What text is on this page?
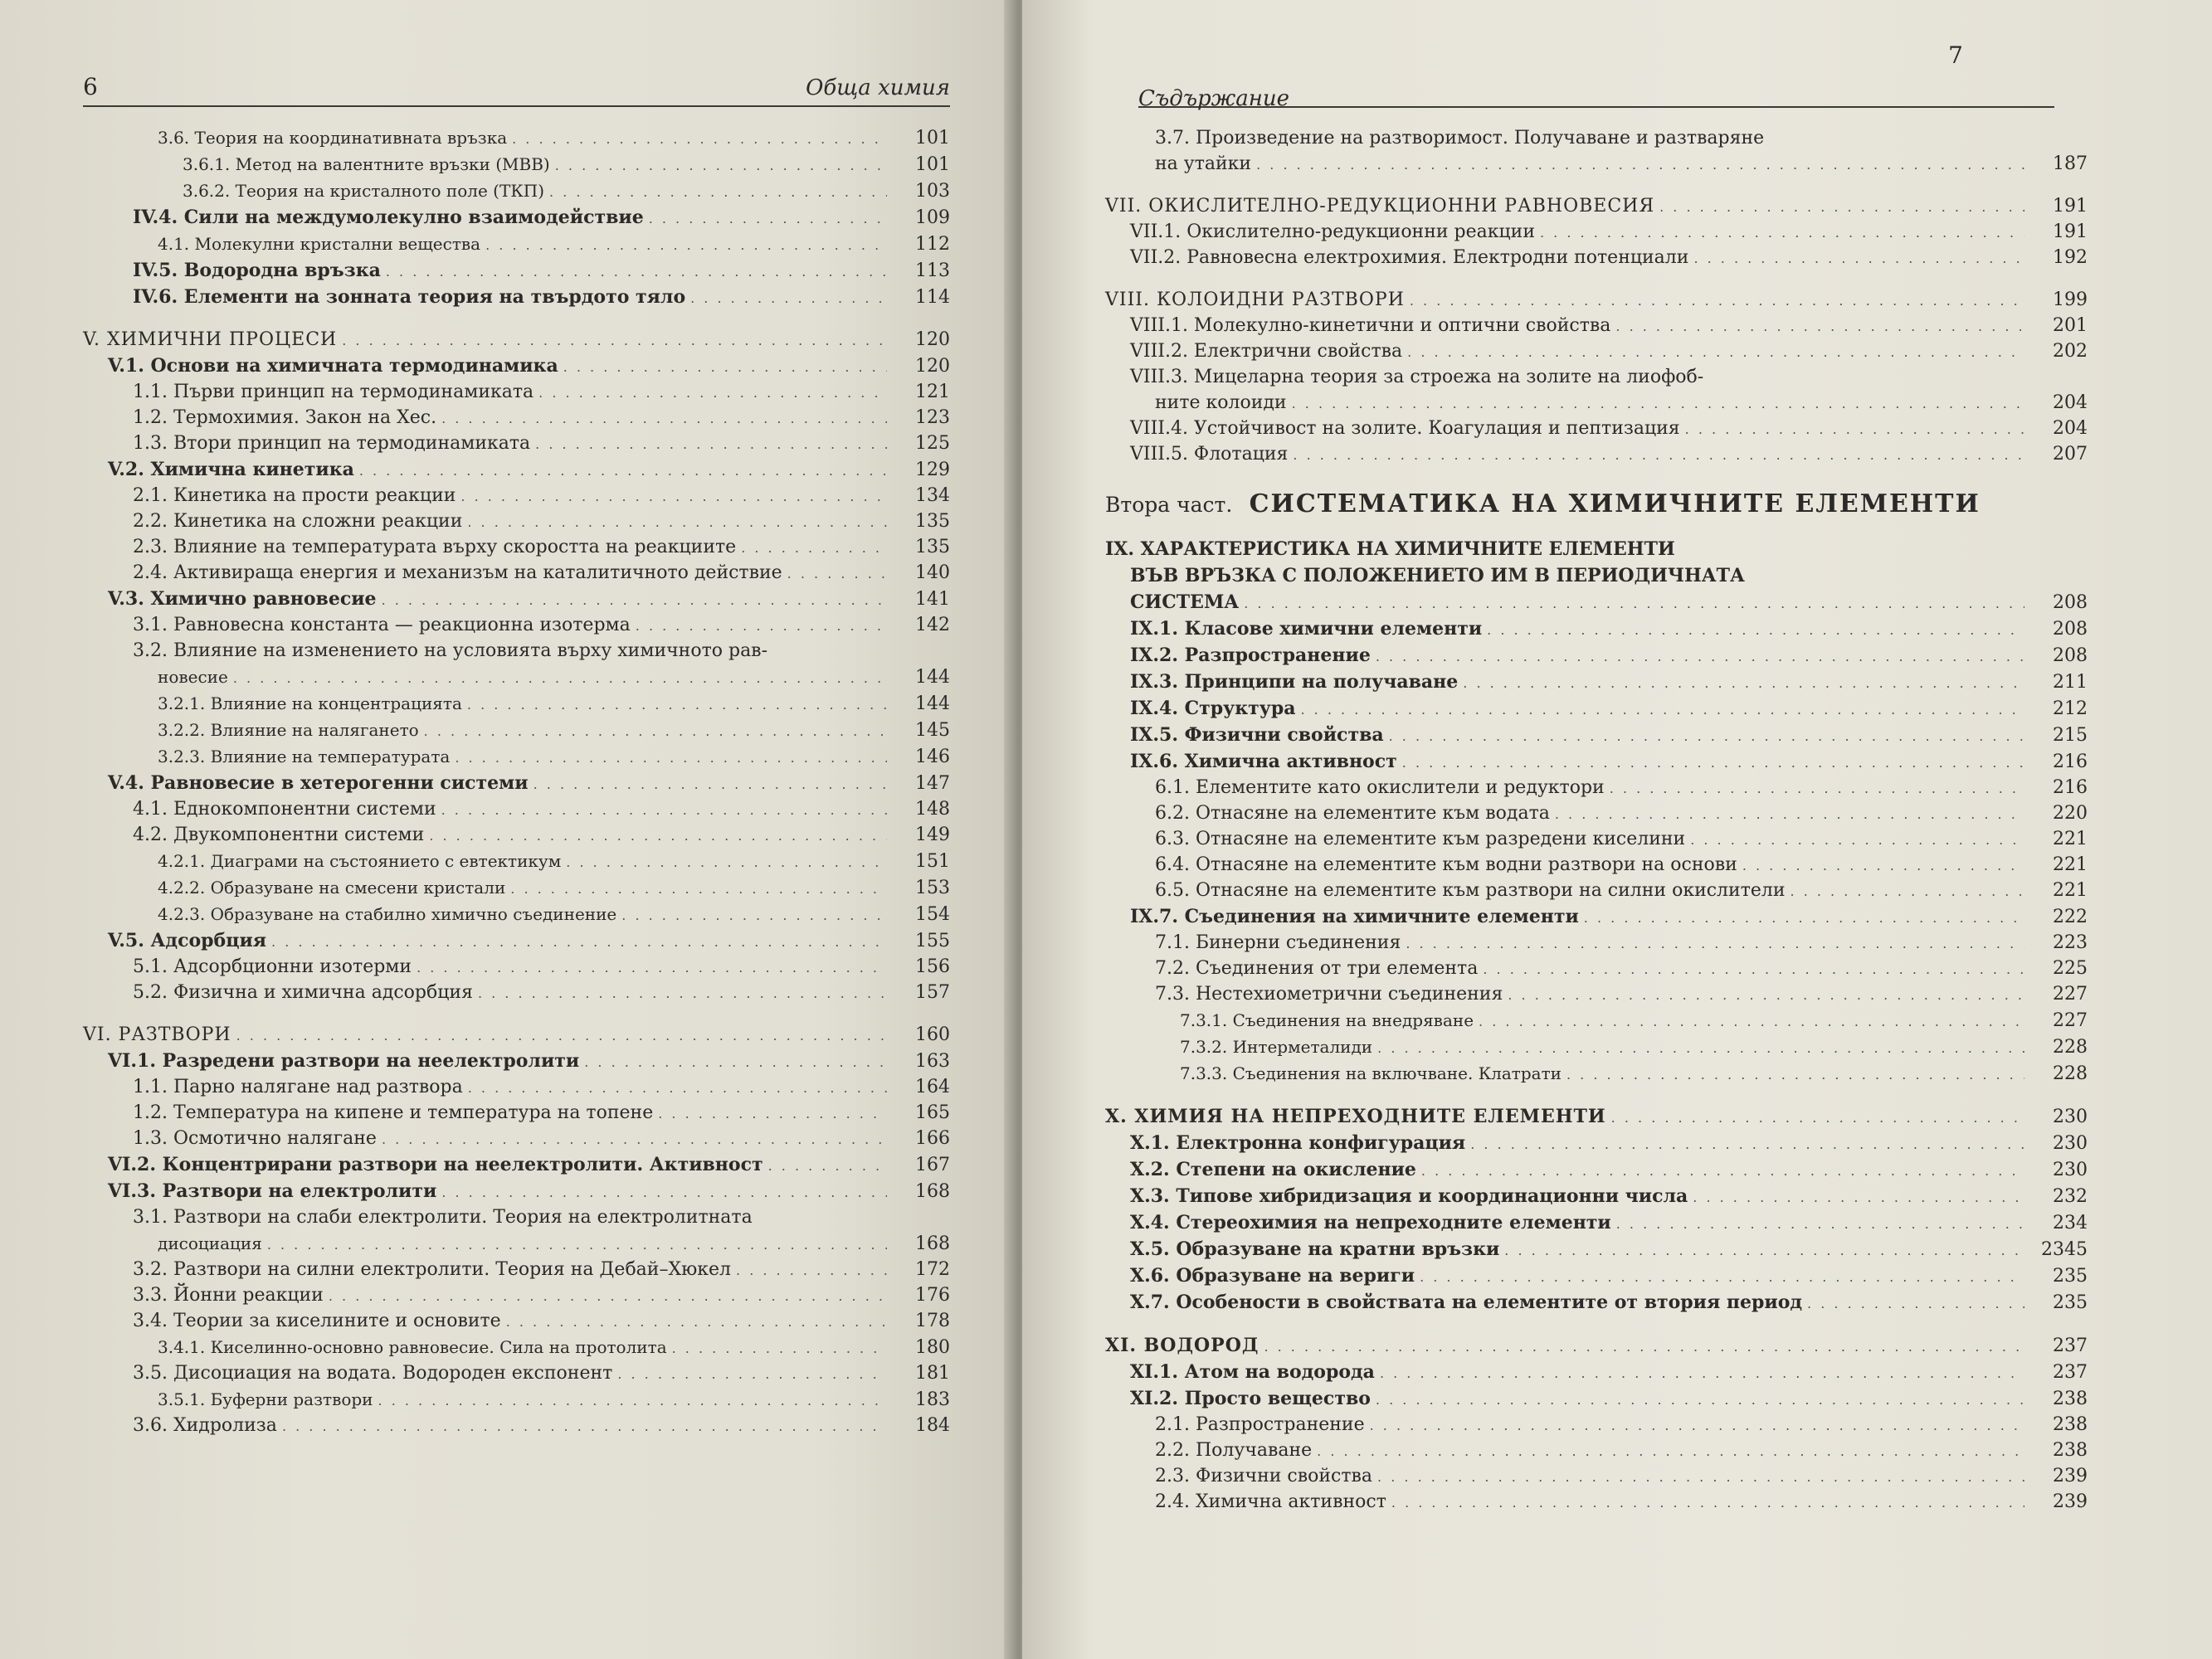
6	Обща химия
3.6. Теория на координативната връзка . . .	101
3.6.1. Метод на валентните връзки (МВВ) . . .	101
3.6.2. Теория на кристалното поле (ТКП) . . .	103
IV.4. Сили на междумолекулно взаимодействие . . .	109
4.1. Молекулни кристални вещества . . .	112
IV.5. Водородна връзка . . .	113
IV.6. Елементи на зонната теория на твърдото тяло . . .	114
V. ХИМИЧНИ ПРОЦЕСИ . . .	120
V.1. Основи на химичната термодинамика . . .	120
1.1. Първи принцип на термодинамиката . . .	121
1.2. Термохимия. Закон на Хес. . . .	123
1.3. Втори принцип на термодинамиката . . .	125
V.2. Химична кинетика . . .	129
2.1. Кинетика на прости реакции . . .	134
2.2. Кинетика на сложни реакции . . .	135
2.3. Влияние на температурата върху скоростта на реакциите . . .	135
2.4. Активираща енергия и механизъм на каталитичното действие . . .	140
V.3. Химично равновесие . . .	141
3.1. Равновесна константа — реакционна изотерма . . .	142
3.2. Влияние на изменението на условията върху химичното рав-
новесие . . .	144
3.2.1. Влияние на концентрацията . . .	144
3.2.2. Влияние на налягането . . .	145
3.2.3. Влияние на температурата . . .	146
V.4. Равновесие в хетерогенни системи . . .	147
4.1. Еднокомпонентни системи . . .	148
4.2. Двукомпонентни системи . . .	149
4.2.1. Диаграми на състоянието с евтектикум . . .	151
4.2.2. Образуване на смесени кристали . . .	153
4.2.3. Образуване на стабилно химично съединение . . .	154
V.5. Адсорбция . . .	155
5.1. Адсорбционни изотерми . . .	156
5.2. Физична и химична адсорбция . . .	157
VI. РАЗТВОРИ . . .	160
VI.1. Разредени разтвори на неелектролити . . .	163
1.1. Парно налягане над разтвора . . .	164
1.2. Температура на кипене и температура на топене . . .	165
1.3. Осмотично налягане . . .	166
VI.2. Концентрирани разтвори на неелектролити. Активност . . .	167
VI.3. Разтвори на електролити . . .	168
3.1. Разтвори на слаби електролити. Теория на електролитната
дисоциация . . .	168
3.2. Разтвори на силни електролити. Теория на Дебай–Хюкел . . .	172
3.3. Йонни реакции . . .	176
3.4. Теории за киселините и основите . . .	178
3.4.1. Киселинно-основно равновесие. Сила на протолита . . .	180
3.5. Дисоциация на водата. Водороден експонент . . .	181
3.5.1. Буферни разтвори . . .	183
3.6. Хидролиза . . .	184
Съдържание
7
3.7. Произведение на разтворимост. Получаване и разтваряне
на утайки . . .	187
VII. ОКИСЛИТЕЛНО-РЕДУКЦИОННИ РАВНОВЕСИЯ . . .	191
VII.1. Окислително-редукционни реакции . . .	191
VII.2. Равновесна електрохимия. Електродни потенциали . . .	192
VIII. КОЛОИДНИ РАЗТВОРИ . . .	199
VIII.1. Молекулно-кинетични и оптични свойства . . .	201
VIII.2. Електрични свойства . . .	202
VIII.3. Мицеларна теория за строежа на золите на лиофоб-
ните колоиди . . .	204
VIII.4. Устойчивост на золите. Коагулация и пептизация . . .	204
VIII.5. Флотация . . .	207
Втора част. СИСТЕМАТИКА НА ХИМИЧНИТЕ ЕЛЕМЕНТИ
IX. ХАРАКТЕРИСТИКА НА ХИМИЧНИТЕ ЕЛЕМЕНТИ
ВЪВ ВРЪЗКА С ПОЛОЖЕНИЕТО ИМ В ПЕРИОДИЧНАТА
СИСТЕМА . . .	208
IX.1. Класове химични елементи . . .	208
IX.2. Разпространение . . .	208
IX.3. Принципи на получаване . . .	211
IX.4. Структура . . .	212
IX.5. Физични свойства . . .	215
IX.6. Химична активност . . .	216
6.1. Елементите като окислители и редуктори . . .	216
6.2. Отнасяне на елементите към водата . . .	220
6.3. Отнасяне на елементите към разредени киселини . . .	221
6.4. Отнасяне на елементите към водни разтвори на основи . . .	221
6.5. Отнасяне на елементите към разтвори на силни окислители . . .	221
IX.7. Съединения на химичните елементи . . .	222
7.1. Бинерни съединения . . .	223
7.2. Съединения от три елемента . . .	225
7.3. Нестехиометрични съединения . . .	227
7.3.1. Съединения на внедряване . . .	227
7.3.2. Интерметалиди . . .	228
7.3.3. Съединения на включване. Клатрати . . .	228
X. ХИМИЯ НА НЕПРЕХОДНИТЕ ЕЛЕМЕНТИ . . .	230
X.1. Електронна конфигурация . . .	230
X.2. Степени на окисление . . .	230
X.3. Типове хибридизация и координационни числа . . .	232
X.4. Стереохимия на непреходните елементи . . .	234
X.5. Образуване на кратни връзки . . .	2345
X.6. Образуване на вериги . . .	235
X.7. Особености в свойствата на елементите от втория период . . .	235
XI. ВОДОРОД . . .	237
XI.1. Атом на водорода . . .	237
XI.2. Просто вещество . . .	238
2.1. Разпространение . . .	238
2.2. Получаване . . .	238
2.3. Физични свойства . . .	239
2.4. Химична активност . . .	239
